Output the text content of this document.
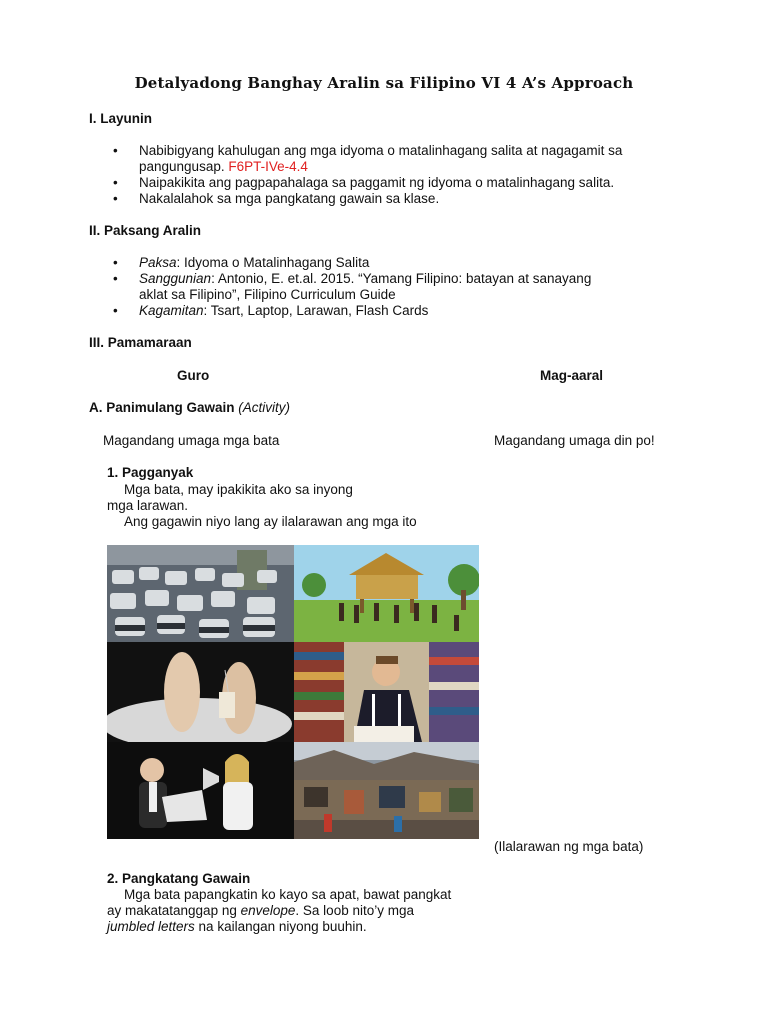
Detalyadong Banghay Aralin sa Filipino VI 4 A’s Approach
I. Layunin
• Nabibigyang kahulugan ang mga idyoma o matalinhagang salita at nagagamit sa pangungusap. F6PT-IVe-4.4
• Naipakikita ang pagpapahalaga sa paggamit ng idyoma o matalinhagang salita.
• Nakalalahok sa mga pangkatang gawain sa klase.
II. Paksang Aralin
• Paksa: Idyoma o Matalinhagang Salita
• Sanggunian: Antonio, E. et.al. 2015. “Yamang Filipino: batayan at sanayang aklat sa Filipino”, Filipino Curriculum Guide
• Kagamitan: Tsart, Laptop, Larawan, Flash Cards
III. Pamamaraan
Guro	Mag-aaral
A. Panimulang Gawain (Activity)
Magandang umaga mga bata	Magandang umaga din po!
1. Pagganyak
Mga bata, may ipakikita ako sa inyong
mga larawan.
Ang gagawin niyo lang ay ilalarawan ang mga ito
(Ilalarawan ng mga bata)
2. Pangkatang Gawain
Mga bata papangkatin ko kayo sa apat, bawat pangkat
ay makatatanggap ng envelope. Sa loob nito’y mga
jumbled letters na kailangan niyong buuhin.
